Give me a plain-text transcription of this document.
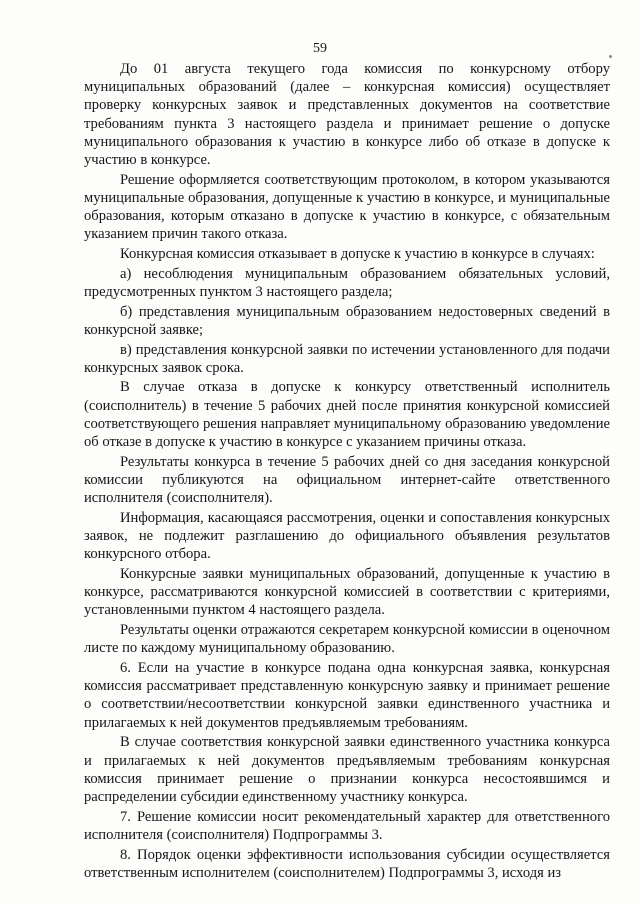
59

До 01 августа текущего года комиссия по конкурсному отбору муниципальных образований (далее – конкурсная комиссия) осуществляет проверку конкурсных заявок и представленных документов на соответствие требованиям пункта 3 настоящего раздела и принимает решение о допуске муниципального образования к участию в конкурсе либо об отказе в допуске к участию в конкурсе.

Решение оформляется соответствующим протоколом, в котором указываются муниципальные образования, допущенные к участию в конкурсе, и муниципальные образования, которым отказано в допуске к участию в конкурсе, с обязательным указанием причин такого отказа.

Конкурсная комиссия отказывает в допуске к участию в конкурсе в случаях:

а) несоблюдения муниципальным образованием обязательных условий, предусмотренных пунктом 3 настоящего раздела;

б) представления муниципальным образованием недостоверных сведений в конкурсной заявке;

в) представления конкурсной заявки по истечении установленного для подачи конкурсных заявок срока.

В случае отказа в допуске к конкурсу ответственный исполнитель (соисполнитель) в течение 5 рабочих дней после принятия конкурсной комиссией соответствующего решения направляет муниципальному образованию уведомление об отказе в допуске к участию в конкурсе с указанием причины отказа.

Результаты конкурса в течение 5 рабочих дней со дня заседания конкурсной комиссии публикуются на официальном интернет-сайте ответственного исполнителя (соисполнителя).

Информация, касающаяся рассмотрения, оценки и сопоставления конкурсных заявок, не подлежит разглашению до официального объявления результатов конкурсного отбора.

Конкурсные заявки муниципальных образований, допущенные к участию в конкурсе, рассматриваются конкурсной комиссией в соответствии с критериями, установленными пунктом 4 настоящего раздела.

Результаты оценки отражаются секретарем конкурсной комиссии в оценочном листе по каждому муниципальному образованию.

6. Если на участие в конкурсе подана одна конкурсная заявка, конкурсная комиссия рассматривает представленную конкурсную заявку и принимает решение о соответствии/несоответствии конкурсной заявки единственного участника и прилагаемых к ней документов предъявляемым требованиям.

В случае соответствия конкурсной заявки единственного участника конкурса и прилагаемых к ней документов предъявляемым требованиям конкурсная комиссия принимает решение о признании конкурса несостоявшимся и распределении субсидии единственному участнику конкурса.

7. Решение комиссии носит рекомендательный характер для ответственного исполнителя (соисполнителя) Подпрограммы 3.

8. Порядок оценки эффективности использования субсидии осуществляется ответственным исполнителем (соисполнителем) Подпрограммы 3, исходя из
